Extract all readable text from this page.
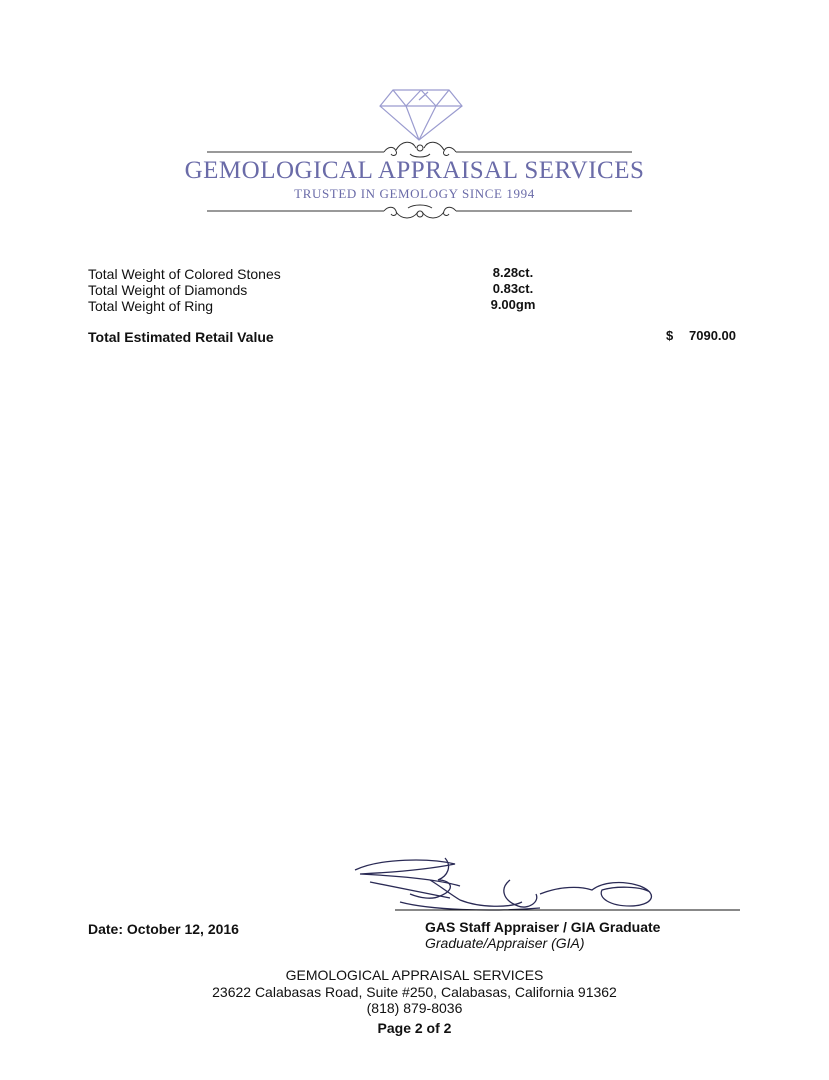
GEMOLOGICAL APPRAISAL SERVICES
TRUSTED IN GEMOLOGY SINCE 1994
Total Weight of Colored Stones	8.28ct.
Total Weight of Diamonds	0.83ct.
Total Weight of Ring	9.00gm
Total Estimated Retail Value	$ 7090.00
Date: October 12, 2016	GAS Staff Appraiser / GIA Graduate
Graduate/Appraiser (GIA)
GEMOLOGICAL APPRAISAL SERVICES
23622 Calabasas Road, Suite #250, Calabasas, California 91362
(818) 879-8036
Page 2 of 2
